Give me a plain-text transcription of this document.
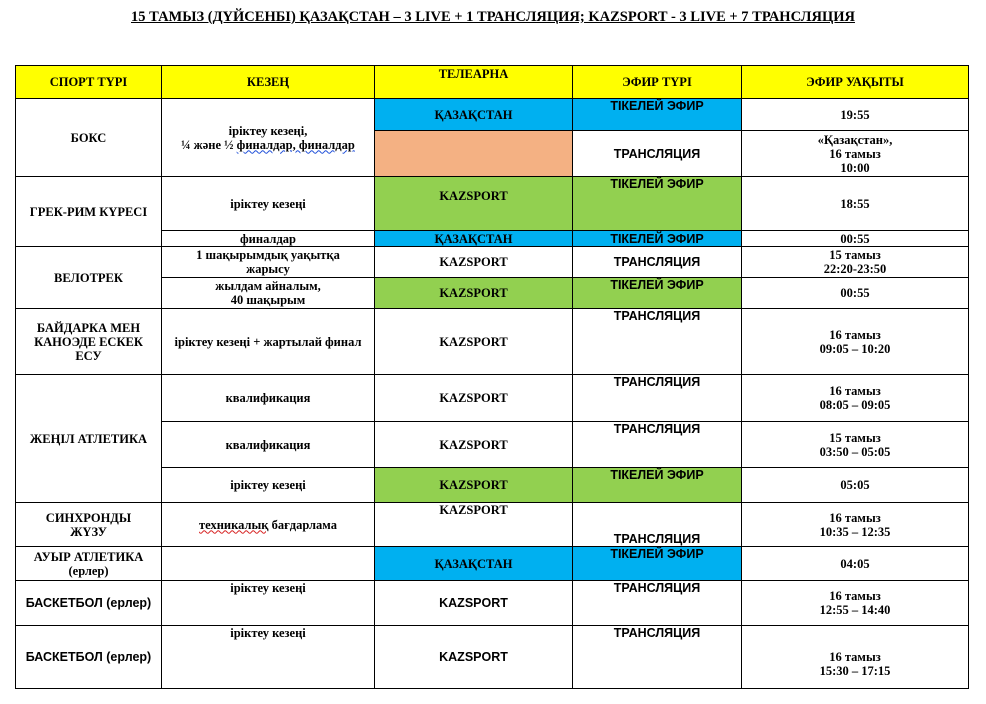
15 ТАМЫЗ (ДҮЙСЕНБІ) ҚАЗАҚСТАН – 3 LIVE + 1 ТРАНСЛЯЦИЯ; KAZSPORT - 3 LIVE + 7 ТРАНСЛЯЦИЯ
СПОРТ ТҮРІ	КЕЗЕҢ	ТЕЛЕАРНА	ЭФИР ТҮРІ	ЭФИР УАҚЫТЫ
БОКС	іріктеу кезеңі,
¼ және ½ финалдар, финалдар	ҚАЗАҚСТАН	ТІКЕЛЕЙ ЭФИР	19:55
			ТРАНСЛЯЦИЯ	«Қазақстан»,
16 тамыз
10:00
ГРЕК-РИМ КҮРЕСІ	іріктеу кезеңі	KAZSPORT	ТІКЕЛЕЙ ЭФИР	18:55
	финалдар	ҚАЗАҚСТАН	ТІКЕЛЕЙ ЭФИР	00:55
ВЕЛОТРЕК	1 шақырымдық уақытқа
жарысу	KAZSPORT	ТРАНСЛЯЦИЯ	15 тамыз
22:20-23:50
	жылдам айналым,
40 шақырым	KAZSPORT	ТІКЕЛЕЙ ЭФИР	00:55
БАЙДАРКА МЕН
КАНОЭДЕ ЕСКЕК
ЕСУ	іріктеу кезеңі + жартылай финал	KAZSPORT	ТРАНСЛЯЦИЯ	16 тамыз
09:05 – 10:20
ЖЕҢІЛ АТЛЕТИКА	квалификация	KAZSPORT	ТРАНСЛЯЦИЯ	16 тамыз
08:05 – 09:05
	квалификация	KAZSPORT	ТРАНСЛЯЦИЯ	15 тамыз
03:50 – 05:05
	іріктеу кезеңі	KAZSPORT	ТІКЕЛЕЙ ЭФИР	05:05
СИНХРОНДЫ
ЖҮЗУ	техникалық бағдарлама	KAZSPORT	ТРАНСЛЯЦИЯ	16 тамыз
10:35 – 12:35
АУЫР АТЛЕТИКА
(ерлер)		ҚАЗАҚСТАН	ТІКЕЛЕЙ ЭФИР	04:05
БАСКЕТБОЛ (ерлер)	іріктеу кезеңі	KAZSPORT	ТРАНСЛЯЦИЯ	16 тамыз
12:55 – 14:40
БАСКЕТБОЛ (ерлер)	іріктеу кезеңі	KAZSPORT	ТРАНСЛЯЦИЯ	16 тамыз
15:30 – 17:15
